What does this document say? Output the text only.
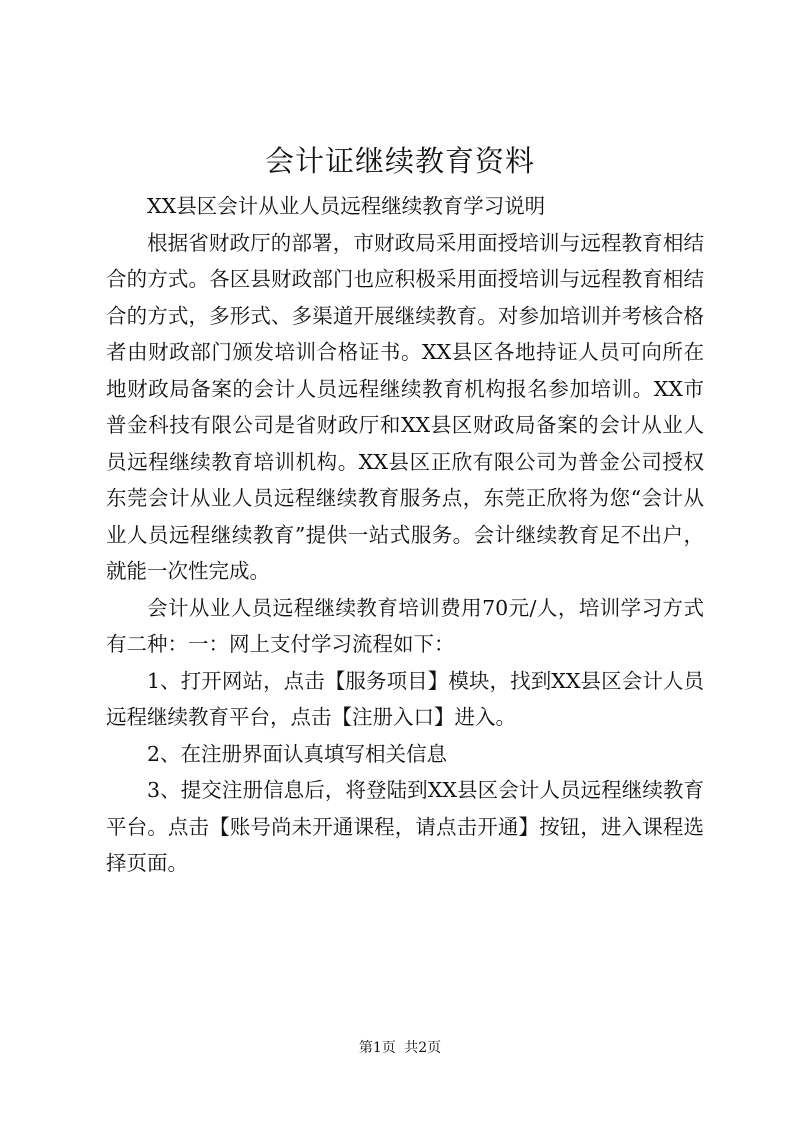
会计证继续教育资料

XX县区会计从业人员远程继续教育学习说明

根据省财政厅的部署，市财政局采用面授培训与远程教育相结合的方式。各区县财政部门也应积极采用面授培训与远程教育相结合的方式，多形式、多渠道开展继续教育。对参加培训并考核合格者由财政部门颁发培训合格证书。XX县区各地持证人员可向所在地财政局备案的会计人员远程继续教育机构报名参加培训。XX市普金科技有限公司是省财政厅和XX县区财政局备案的会计从业人员远程继续教育培训机构。XX县区正欣有限公司为普金公司授权东莞会计从业人员远程继续教育服务点，东莞正欣将为您“会计从业人员远程继续教育”提供一站式服务。会计继续教育足不出户，就能一次性完成。

会计从业人员远程继续教育培训费用70元/人，培训学习方式有二种：一：网上支付学习流程如下：

1、打开网站，点击【服务项目】模块，找到XX县区会计人员远程继续教育平台，点击【注册入口】进入。

2、在注册界面认真填写相关信息

3、提交注册信息后，将登陆到XX县区会计人员远程继续教育平台。点击【账号尚未开通课程，请点击开通】按钮，进入课程选择页面。

第1页 共2页
